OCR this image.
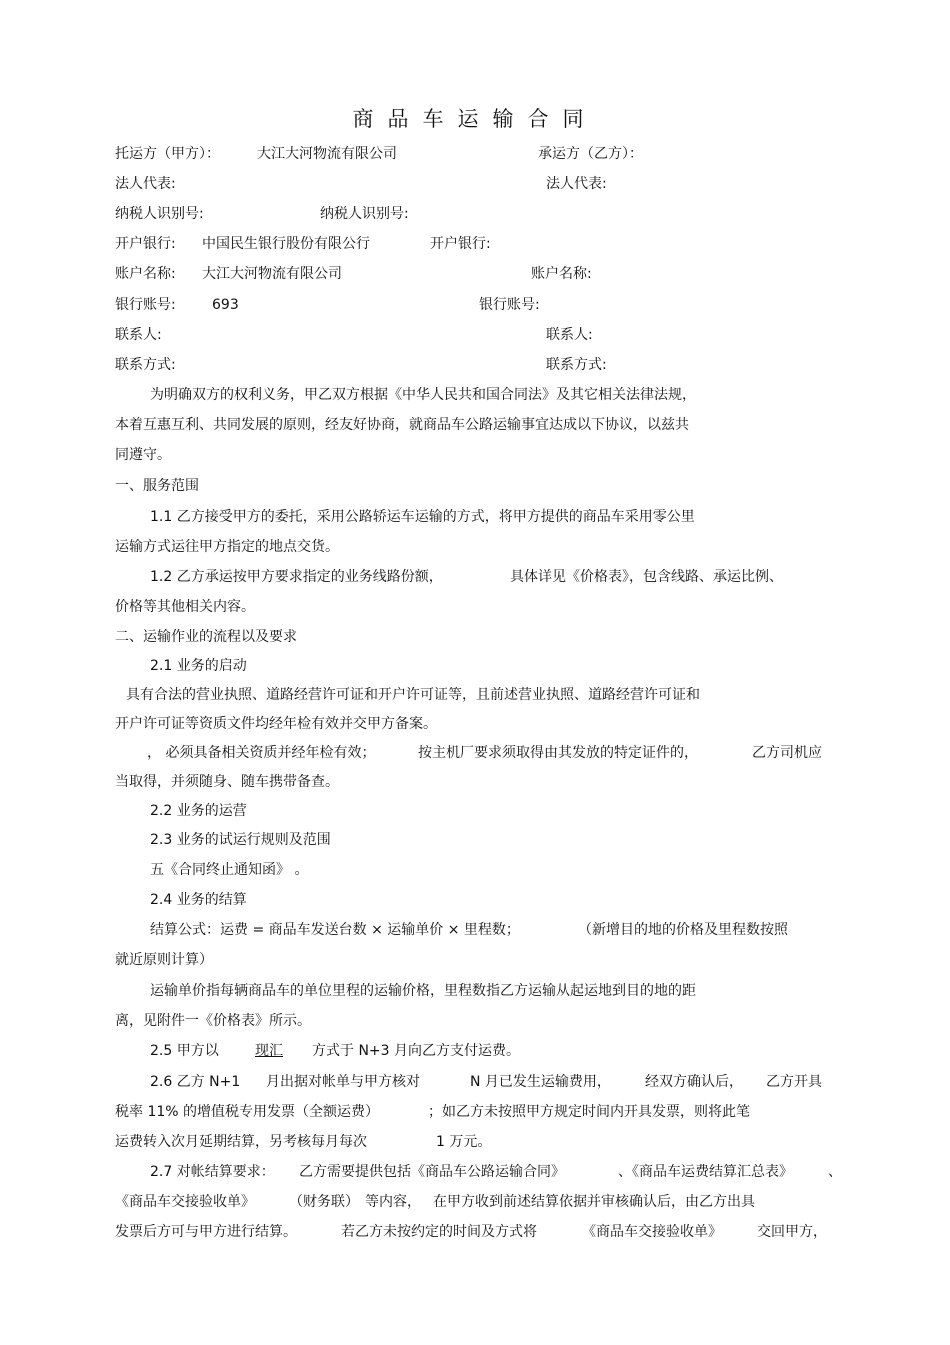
商品车运输合同
托运方（甲方）：	大江大河物流有限公司	承运方（乙方）：
法人代表:	法人代表:
纳税人识别号:	纳税人识别号:
开户银行: 中国民生银行股份有限公行	开户银行:
账户名称: 大江大河物流有限公司	账户名称:
银行账号:	693	银行账号:
联系人:	联系人:
联系方式:	联系方式:
为明确双方的权利义务，甲乙双方根据《中华人民共和国合同法》及其它相关法律法规，
本着互惠互利、共同发展的原则，经友好协商，就商品车公路运输事宜达成以下协议，以兹共
同遵守。
一、服务范围
1.1 乙方接受甲方的委托，采用公路轿运车运输的方式，将甲方提供的商品车采用零公里
运输方式运往甲方指定的地点交货。
1.2 乙方承运按甲方要求指定的业务线路份额，	具体详见《价格表》，包含线路、承运比例、
价格等其他相关内容。
二、运输作业的流程以及要求
2.1 业务的启动
具有合法的营业执照、道路经营许可证和开户许可证等，且前述营业执照、道路经营许可证和
开户许可证等资质文件均经年检有效并交甲方备案。
， 必须具备相关资质并经年检有效；	按主机厂要求须取得由其发放的特定证件的，	乙方司机应
当取得，并须随身、随车携带备查。
2.2 业务的运营
2.3 业务的试运行规则及范围
五《合同终止通知函》 。
2.4 业务的结算
结算公式：运费 = 商品车发送台数 × 运输单价 × 里程数；	（新增目的地的价格及里程数按照
就近原则计算）
运输单价指每辆商品车的单位里程的运输价格，里程数指乙方运输从起运地到目的地的距
离，见附件一《价格表》所示。
2.5 甲方以	现汇	方式于 N+3 月向乙方支付运费。
2.6 乙方 N+1 月出据对帐单与甲方核对	N 月已发生运输费用， 经双方确认后， 乙方开具
税率 11% 的增值税专用发票（全额运费）	；如乙方未按照甲方规定时间内开具发票，则将此笔
运费转入次月延期结算，另考核每月每次	1 万元。
2.7 对帐结算要求： 乙方需要提供包括《商品车公路运输合同》	、《商品车运费结算汇总表》	、
《商品车交接验收单》 （财务联） 等内容， 在甲方收到前述结算依据并审核确认后，由乙方出具
发票后方可与甲方进行结算。	若乙方未按约定的时间及方式将	《商品车交接验收单》	交回甲方，
